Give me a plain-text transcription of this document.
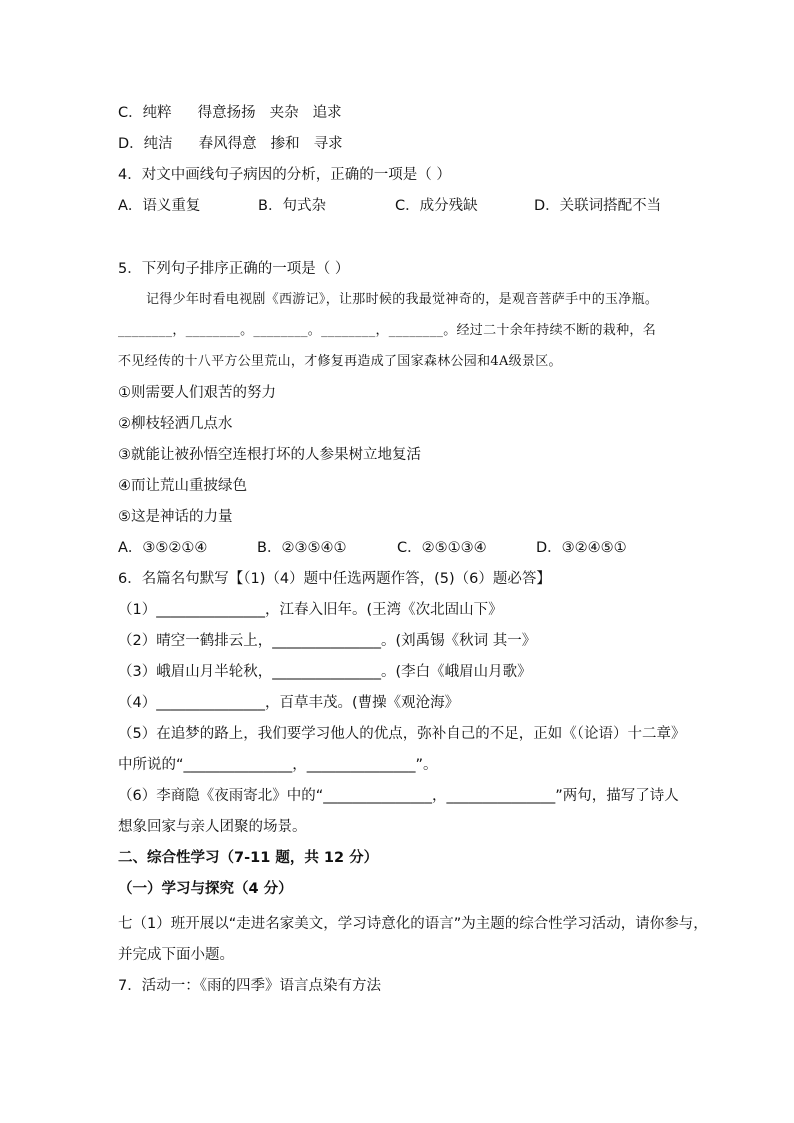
C．纯粹 得意扬扬 夹杂 追求
D．纯洁 春风得意 掺和 寻求
4．对文中画线句子病因的分析，正确的一项是（ ）
A．语义重复	B．句式杂	C．成分残缺	D．关联词搭配不当
5．下列句子排序正确的一项是（ ）
记得少年时看电视剧《西游记》，让那时候的我最觉神奇的，是观音菩萨手中的玉净瓶。
________，________。________。________，________。经过二十余年持续不断的栽种，名
不见经传的十八平方公里荒山，才修复再造成了国家森林公园和4A级景区。
①则需要人们艰苦的努力
②柳枝轻洒几点水
③就能让被孙悟空连根打坏的人参果树立地复活
④而让荒山重披绿色
⑤这是神话的力量
A．③⑤②①④	B．②③⑤④①	C．②⑤①③④	D．③②④⑤①
6．名篇名句默写【（1)（4）题中任选两题作答，(5)（6）题必答】
（1）_______________，江春入旧年。(王湾《次北固山下》
（2）晴空一鹤排云上，_______________。(刘禹锡《秋词 其一》
（3）峨眉山月半轮秋，_______________。(李白《峨眉山月歌》
（4）_______________，百草丰茂。(曹操《观沧海》
（5）在追梦的路上，我们要学习他人的优点，弥补自己的不足，正如《（论语）十二章》
中所说的“_______________，_______________”。
（6）李商隐《夜雨寄北》中的“_______________，_______________”两句，描写了诗人
想象回家与亲人团聚的场景。
二、综合性学习（7-11 题，共 12 分）
（一）学习与探究（4 分）
七（1）班开展以“走进名家美文，学习诗意化的语言”为主题的综合性学习活动，请你参与，
并完成下面小题。
7．活动一：《雨的四季》语言点染有方法
